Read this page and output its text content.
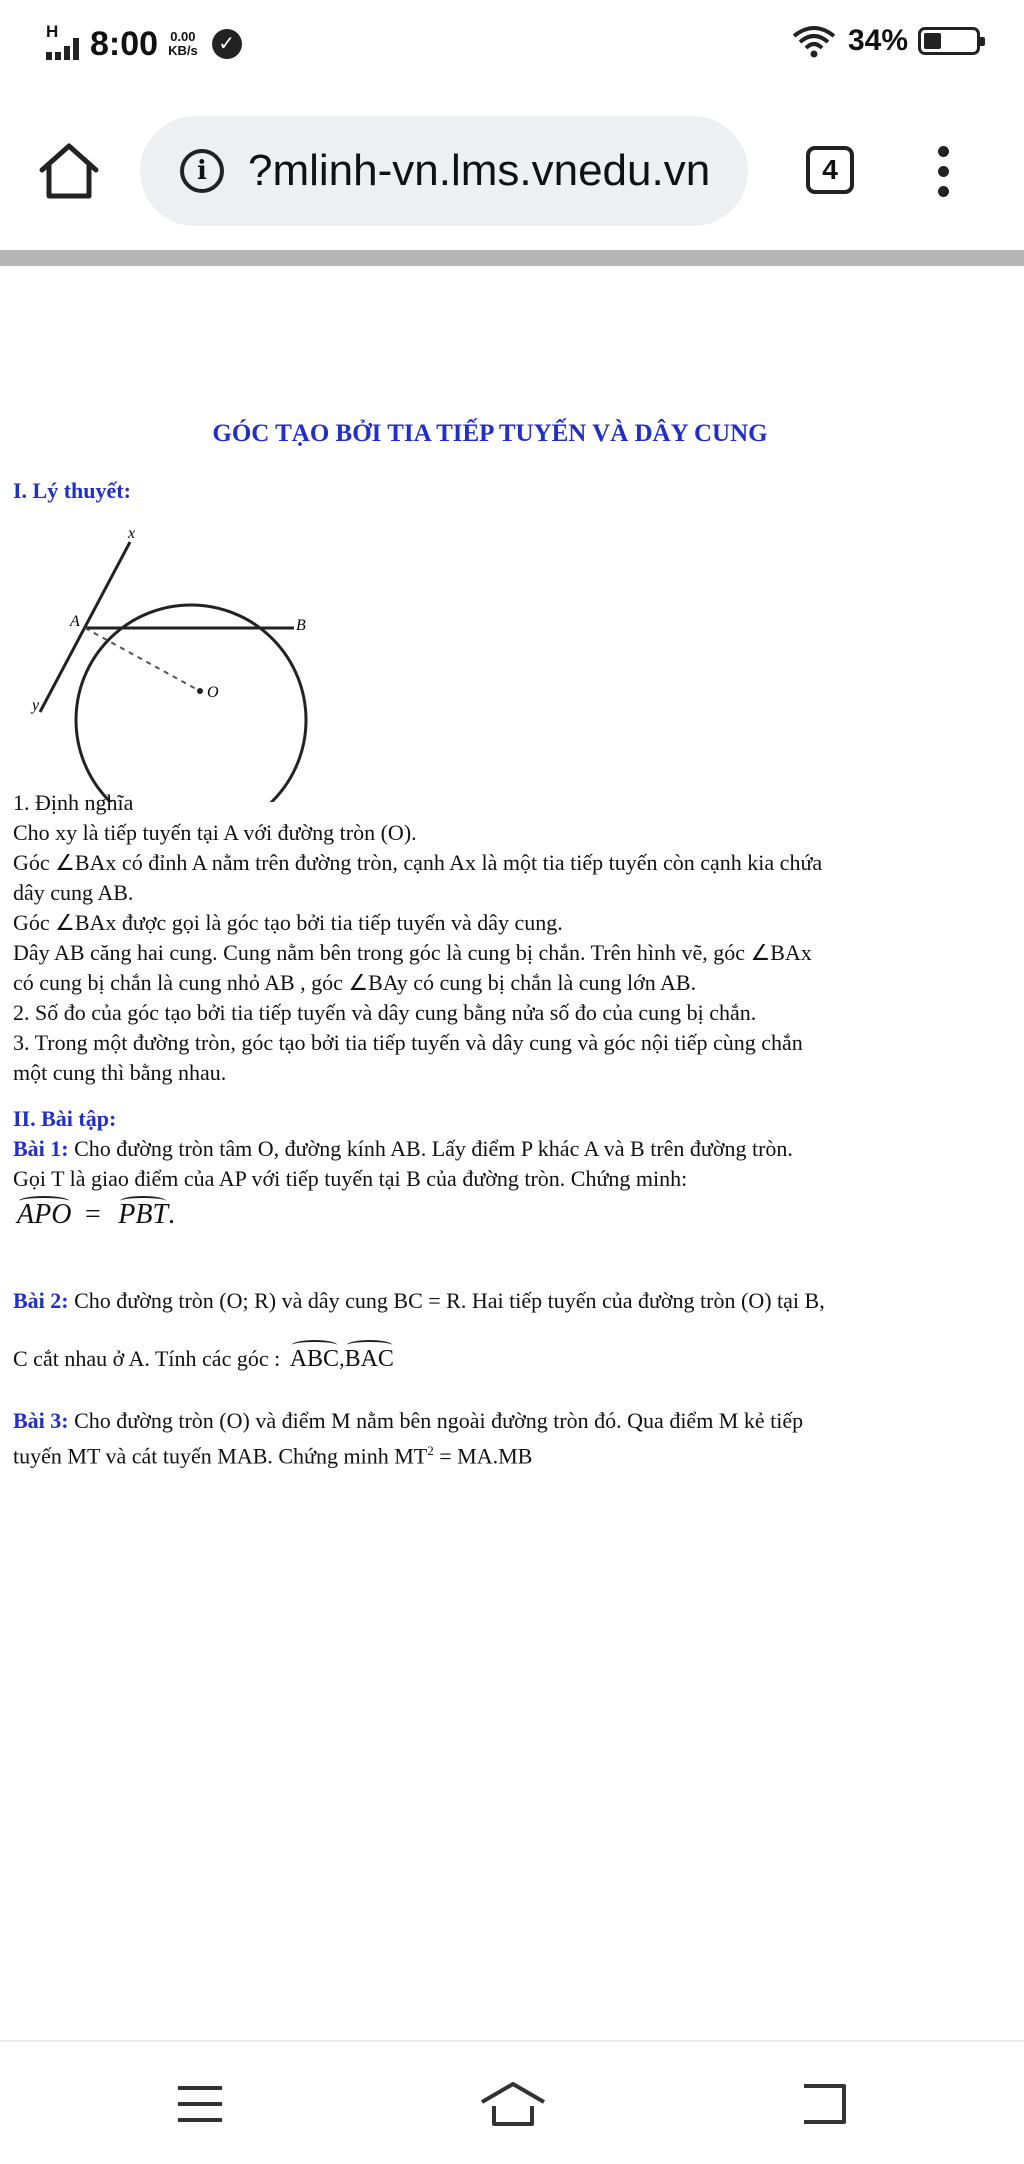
H 8:00 0.00
KB/s	✓	34%
i ?mlinh-vn.lms.vnedu.vn	4
GÓC TẠO BỞI TIA TIẾP TUYẾN VÀ DÂY CUNG
I. Lý thuyết:
x
y
A	B
O
1. Định nghĩa
Cho xy là tiếp tuyến tại A với đường tròn (O).
Góc ∠BAx có đỉnh A nằm trên đường tròn, cạnh Ax là một tia tiếp tuyến còn cạnh kia chứa
dây cung AB.
Góc ∠BAx được gọi là góc tạo bởi tia tiếp tuyến và dây cung.
Dây AB căng hai cung. Cung nằm bên trong góc là cung bị chắn. Trên hình vẽ, góc ∠BAx
có cung bị chắn là cung nhỏ AB , góc ∠BAy có cung bị chắn là cung lớn AB.
2. Số đo của góc tạo bởi tia tiếp tuyến và dây cung bằng nửa số đo của cung bị chắn.
3. Trong một đường tròn, góc tạo bởi tia tiếp tuyến và dây cung và góc nội tiếp cùng chắn
một cung thì bằng nhau.
II. Bài tập:
Bài 1: Cho đường tròn tâm O, đường kính AB. Lấy điểm P khác A và B trên đường tròn.
Gọi T là giao điểm của AP với tiếp tuyến tại B của đường tròn. Chứng minh:
APO = PBT.
Bài 2: Cho đường tròn (O; R) và dây cung BC = R. Hai tiếp tuyến của đường tròn (O) tại B,
C cắt nhau ở A. Tính các góc : ABC,BAC
Bài 3: Cho đường tròn (O) và điểm M nằm bên ngoài đường tròn đó. Qua điểm M kẻ tiếp
tuyến MT và cát tuyến MAB. Chứng minh $MT^2 = MA.MB$
